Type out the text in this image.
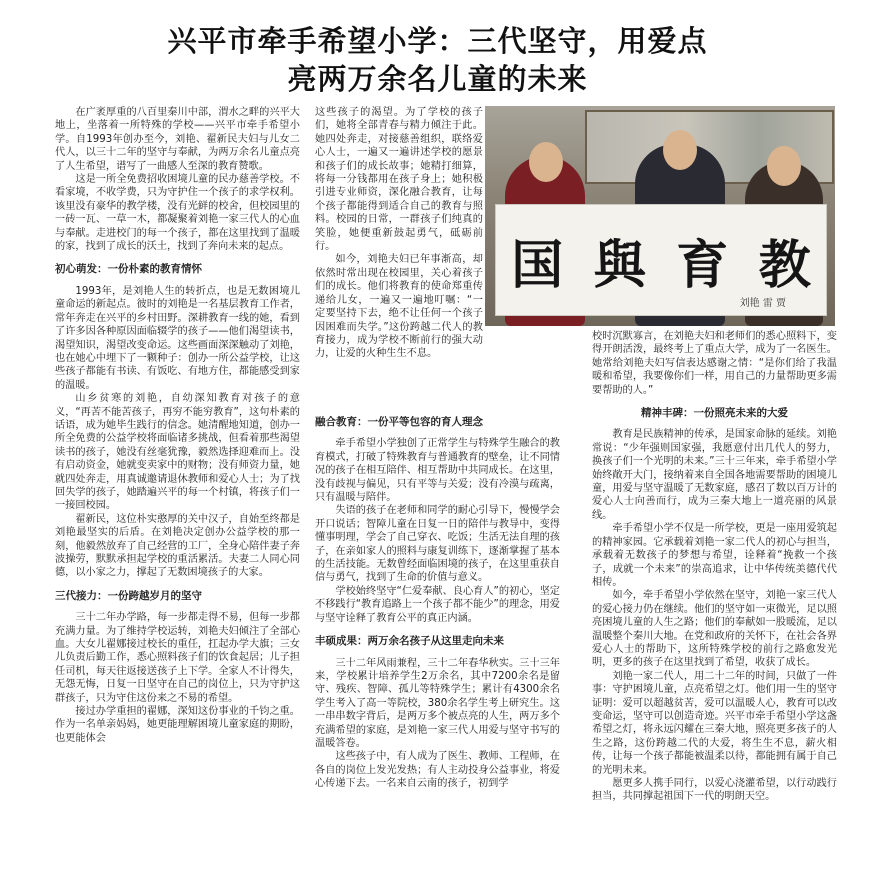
兴平市牵手希望小学：三代坚守，用爱点
亮两万余名儿童的未来

在广袤厚重的八百里秦川中部，渭水之畔的兴平大地上，坐落着一所特殊的学校——兴平市牵手希望小学。自1993年创办至今，刘艳、翟新民夫妇与儿女二代人，以三十二年的坚守与奉献，为两万余名儿童点亮了人生希望，谱写了一曲感人至深的教育赞歌。

这是一所全免费招收困境儿童的民办慈善学校。不看家境，不收学费，只为守护住一个孩子的求学权利。该里没有豪华的教学楼，没有光鲜的校舍，但校园里的一砖一瓦、一草一木，都凝聚着刘艳一家三代人的心血与奉献。走进校门的每一个孩子，都在这里找到了温暖的家，找到了成长的沃土，找到了奔向未来的起点。

初心萌发：一份朴素的教育情怀

1993年，是刘艳人生的转折点，也是无数困境儿童命运的新起点。彼时的刘艳是一名基层教育工作者，常年奔走在兴平的乡村田野。深耕教育一线的她，看到了许多因各种原因面临辍学的孩子——他们渴望读书，渴望知识，渴望改变命运。这些画面深深触动了刘艳，也在她心中埋下了一颗种子：创办一所公益学校，让这些孩子都能有书读、有饭吃、有地方住，都能感受到家的温暖。

山乡贫寒的刘艳，自幼深知教育对孩子的意义，“再苦不能苦孩子，再穷不能穷教育”，这句朴素的话语，成为她毕生践行的信念。她清醒地知道，创办一所全免费的公益学校将面临诸多挑战，但看着那些渴望读书的孩子，她没有丝毫犹豫，毅然选择迎难而上。没有启动资金，她就变卖家中的财物；没有师资力量，她就四处奔走，用真诚邀请退休教师和爱心人士；为了找回失学的孩子，她踏遍兴平的每一个村镇，将孩子们一一接回校园。

翟新民，这位朴实憨厚的关中汉子，自始至终都是刘艳最坚实的后盾。在刘艳决定创办公益学校的那一刻，他毅然放弃了自己经营的工厂，全身心陪伴妻子奔波操劳，默默承担起学校的重活累活。夫妻二人同心同德，以小家之力，撑起了无数困境孩子的大家。

三代接力：一份跨越岁月的坚守

三十二年办学路，每一步都走得不易，但每一步都充满力量。为了维持学校运转，刘艳夫妇倾注了全部心血。大女儿翟娜接过校长的重任，扛起办学大旗；三女儿负责后勤工作，悉心照料孩子们的饮食起居；儿子担任司机，每天往返接送孩子上下学。全家人不计得失，无怨无悔，日复一日坚守在自己的岗位上，只为守护这群孩子，只为守住这份来之不易的希望。

接过办学重担的翟娜，深知这份事业的千钧之重。作为一名单亲妈妈，她更能理解困境儿童家庭的期盼，也更能体会

这些孩子的渴望。为了学校的孩子们，她将全部青春与精力倾注于此。她四处奔走，对接慈善组织，联络爱心人士，一遍又一遍讲述学校的愿景和孩子们的成长故事；她精打细算，将每一分钱都用在孩子身上；她积极引进专业师资，深化融合教育，让每个孩子都能得到适合自己的教育与照料。校园的日常，一群孩子们纯真的笑脸，她便重新鼓起勇气，砥砺前行。

如今，刘艳夫妇已年事渐高，却依然时常出现在校园里，关心着孩子们的成长。他们将教育的使命郑重传递给儿女，一遍又一遍地叮嘱：“一定要坚持下去，绝不让任何一个孩子因困难而失学。”这份跨越二代人的教育接力，成为学校不断前行的强大动力，让爱的火种生生不息。

国 與 育 教
刘艳 雷 贾

融合教育：一份平等包容的育人理念

牵手希望小学独创了正常学生与特殊学生融合的教育模式，打破了特殊教育与普通教育的壁垒，让不同情况的孩子在相互陪伴、相互帮助中共同成长。在这里，没有歧视与偏见，只有平等与关爱；没有冷漠与疏离，只有温暖与陪伴。

失语的孩子在老师和同学的耐心引导下，慢慢学会开口说话；智障儿童在日复一日的陪伴与教导中，变得懂事明理，学会了自己穿衣、吃饭；生活无法自理的孩子，在亲如家人的照料与康复训练下，逐渐掌握了基本的生活技能。无数曾经面临困境的孩子，在这里重获自信与勇气，找到了生命的价值与意义。

学校始终坚守“仁爱奉献、良心育人”的初心，坚定不移践行“教育追路上一个孩子都不能少”的理念，用爱与坚守诠释了教育公平的真正内涵。

丰硕成果：两万余名孩子从这里走向未来

三十二年风雨兼程，三十二年春华秋实。三十三年来，学校累计培养学生2万余名，其中7200余名是留守、残疾、智障、孤儿等特殊学生；累计有4300余名学生考入了高一等院校，380余名学生考上研究生。这一串串数字背后，是两万多个被点亮的人生，两万多个充满希望的家庭，是刘艳一家三代人用爱与坚守书写的温暖答卷。

这些孩子中，有人成为了医生、教师、工程师，在各自的岗位上发光发热；有人主动投身公益事业，将爱心传递下去。一名来自云南的孩子，初到学

校时沉默寡言，在刘艳夫妇和老师们的悉心照料下，变得开朗活泼，最终考上了重点大学，成为了一名医生。她常给刘艳夫妇写信表达感谢之情：“是你们给了我温暖和希望，我要像你们一样，用自己的力量帮助更多需要帮助的人。”

精神丰碑：一份照亮未来的大爱

教育是民族精神的传承，是国家命脉的延续。刘艳常说：“少年强则国家强，我愿意付出几代人的努力，换孩子们一个光明的未来。”三十三年来，牵手希望小学始终敞开大门，接纳着来自全国各地需要帮助的困境儿童，用爱与坚守温暖了无数家庭，感召了数以百万计的爱心人士向善而行，成为三秦大地上一道亮丽的风景线。

牵手希望小学不仅是一所学校，更是一座用爱筑起的精神家园。它承载着刘艳一家二代人的初心与担当，承载着无数孩子的梦想与希望，诠释着“挽救一个孩子，成就一个未来”的崇高追求，让中华传统美德代代相传。

如今，牵手希望小学依然在坚守，刘艳一家三代人的爱心接力仍在继续。他们的坚守如一束微光，足以照亮困境儿童的人生之路；他们的奉献如一股暖流，足以温暖整个秦川大地。在党和政府的关怀下，在社会各界爱心人士的帮助下，这所特殊学校的前行之路愈发光明，更多的孩子在这里找到了希望，收获了成长。

刘艳一家二代人，用二十二年的时间，只做了一件事：守护困境儿童，点亮希望之灯。他们用一生的坚守证明：爱可以超越贫苦，爱可以温暖人心，教育可以改变命运，坚守可以创造奇迹。兴平市牵手希望小学这盏希望之灯，将永远闪耀在三秦大地，照亮更多孩子的人生之路，这份跨越二代的大爱，将生生不息，薪火相传，让每一个孩子都能被温柔以待，都能拥有属于自己的光明未来。

愿更多人携手同行，以爱心浇灌希望，以行动践行担当，共同撑起祖国下一代的明朗天空。
